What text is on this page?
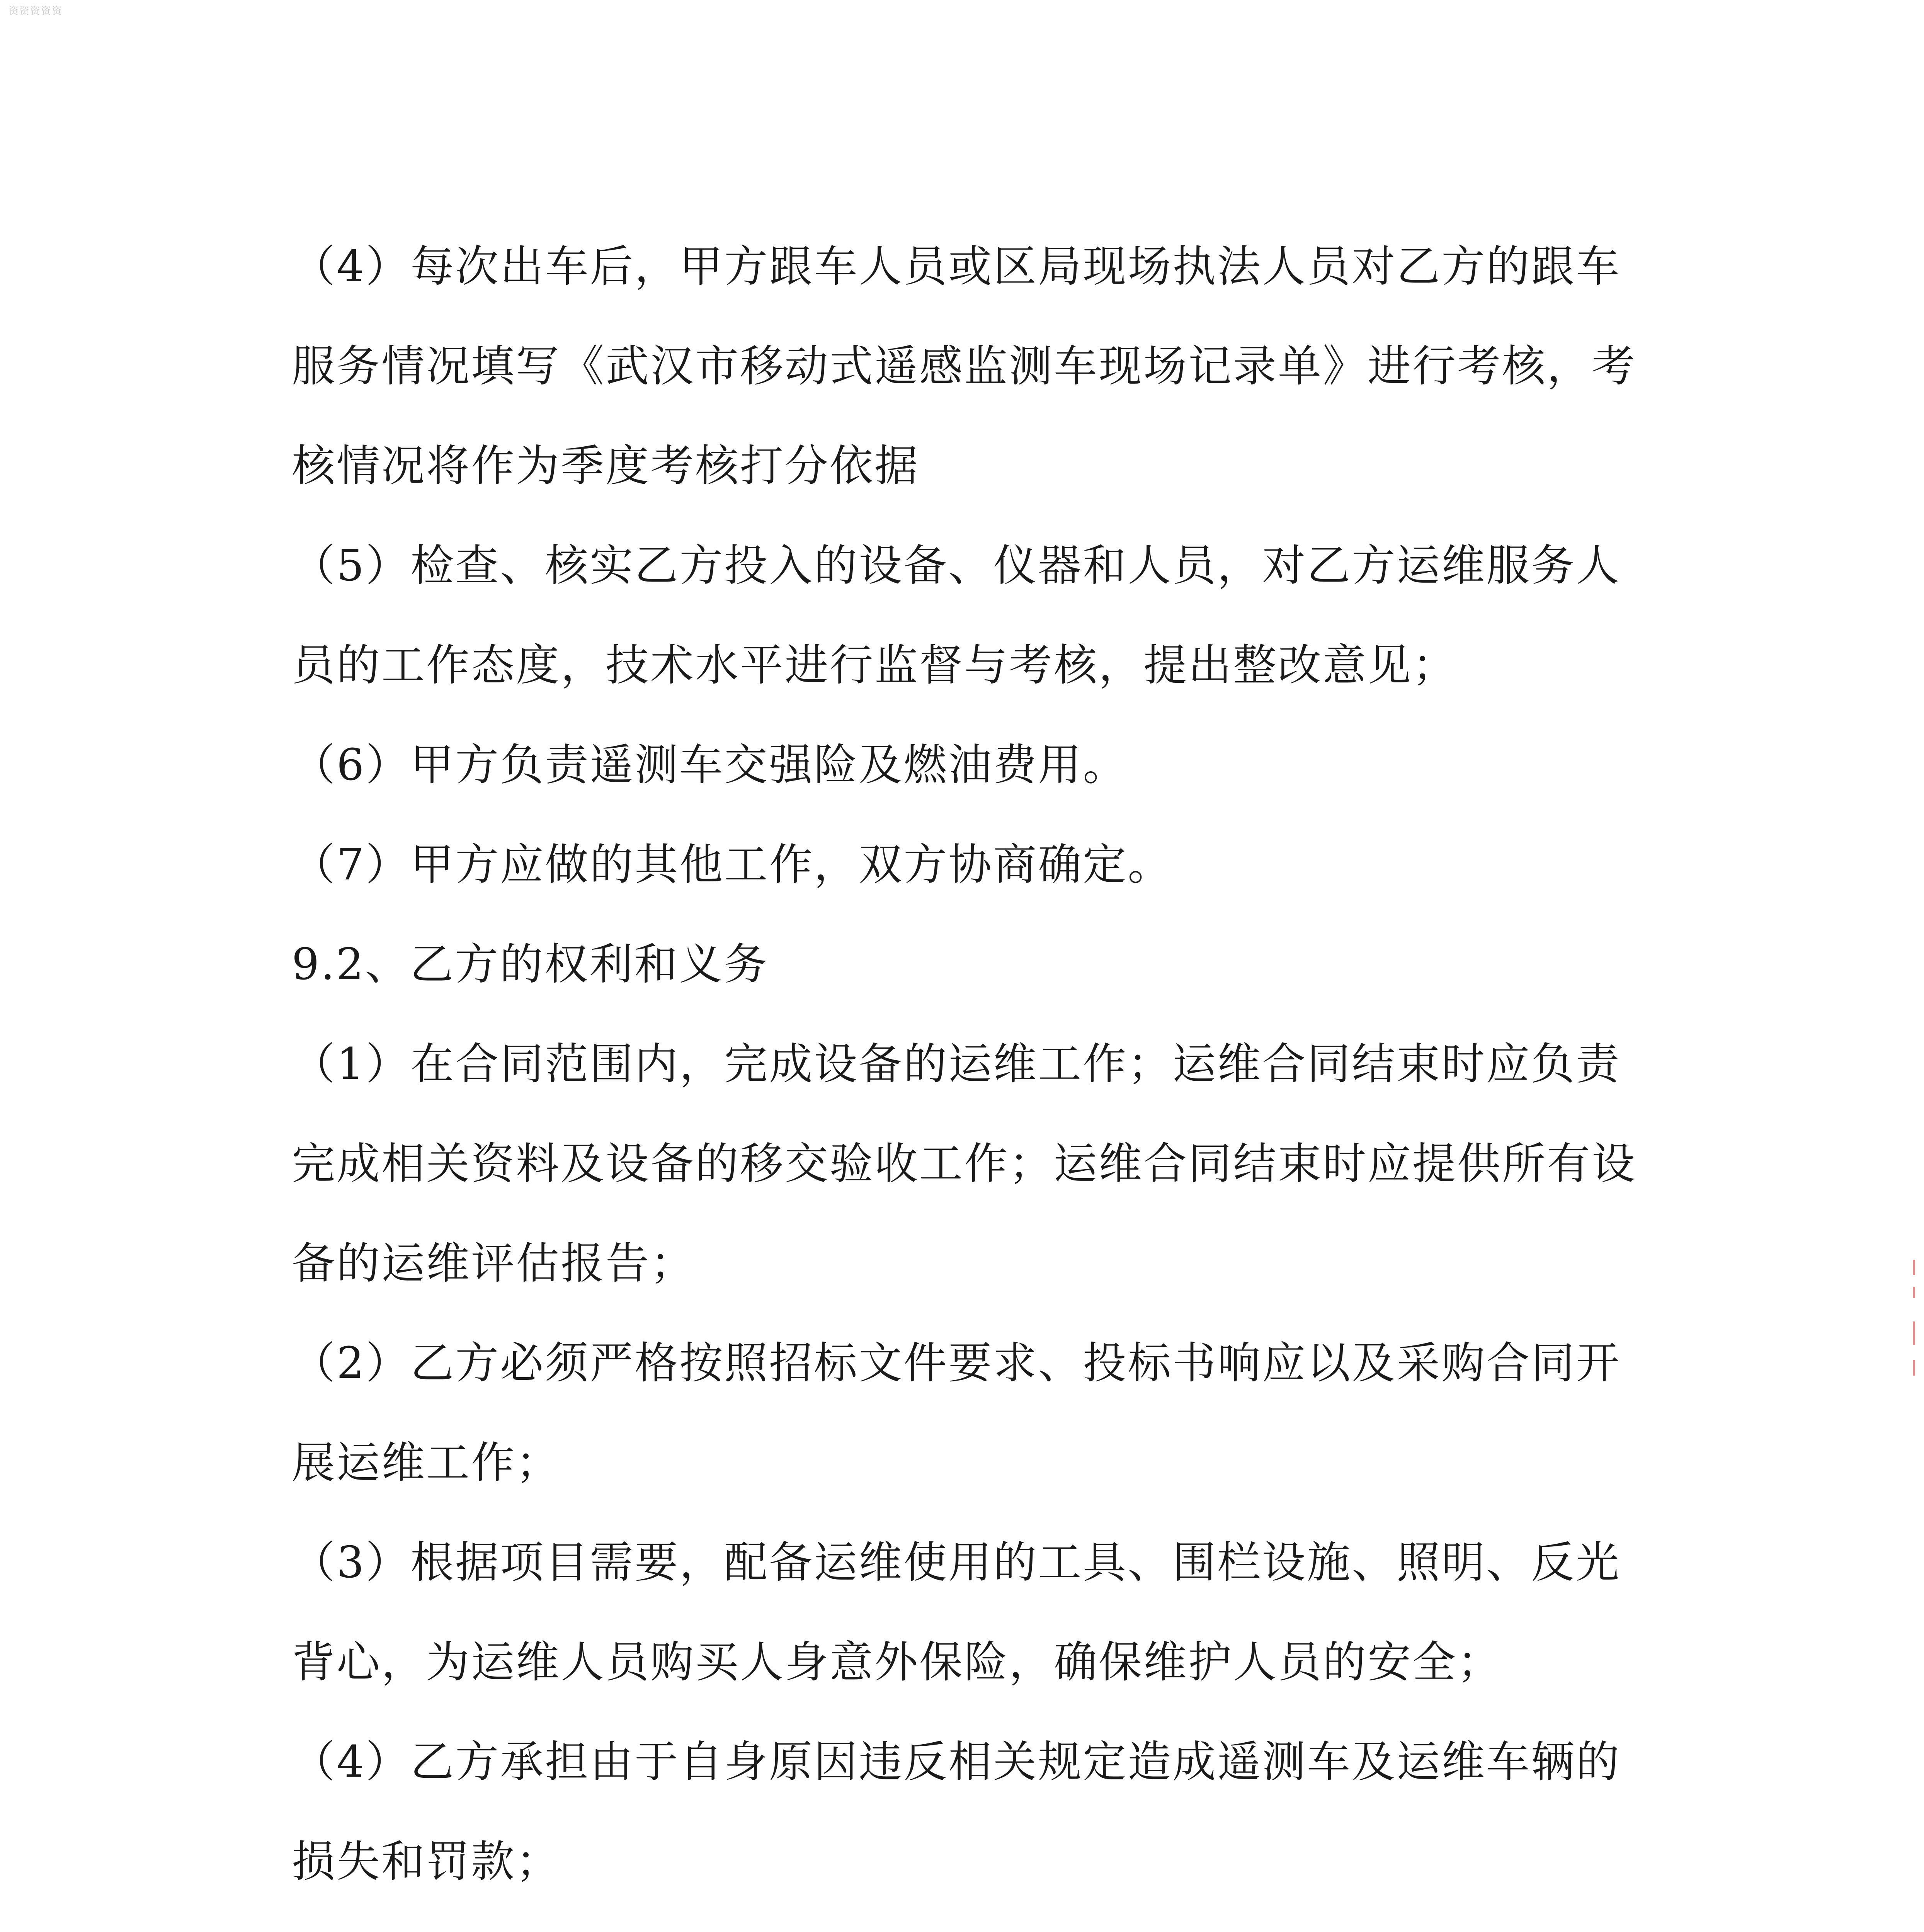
资资资资资

（4）每次出车后，甲方跟车人员或区局现场执法人员对乙方的跟车

服务情况填写《武汉市移动式遥感监测车现场记录单》进行考核，考

核情况将作为季度考核打分依据

（5）检查、核实乙方投入的设备、仪器和人员，对乙方运维服务人

员的工作态度，技术水平进行监督与考核，提出整改意见；

（6）甲方负责遥测车交强险及燃油费用。

（7）甲方应做的其他工作，双方协商确定。

9.2、乙方的权利和义务

（1）在合同范围内，完成设备的运维工作；运维合同结束时应负责

完成相关资料及设备的移交验收工作；运维合同结束时应提供所有设

备的运维评估报告；

（2）乙方必须严格按照招标文件要求、投标书响应以及采购合同开

展运维工作；

（3）根据项目需要，配备运维使用的工具、围栏设施、照明、反光

背心，为运维人员购买人身意外保险，确保维护人员的安全；

（4）乙方承担由于自身原因违反相关规定造成遥测车及运维车辆的

损失和罚款；
